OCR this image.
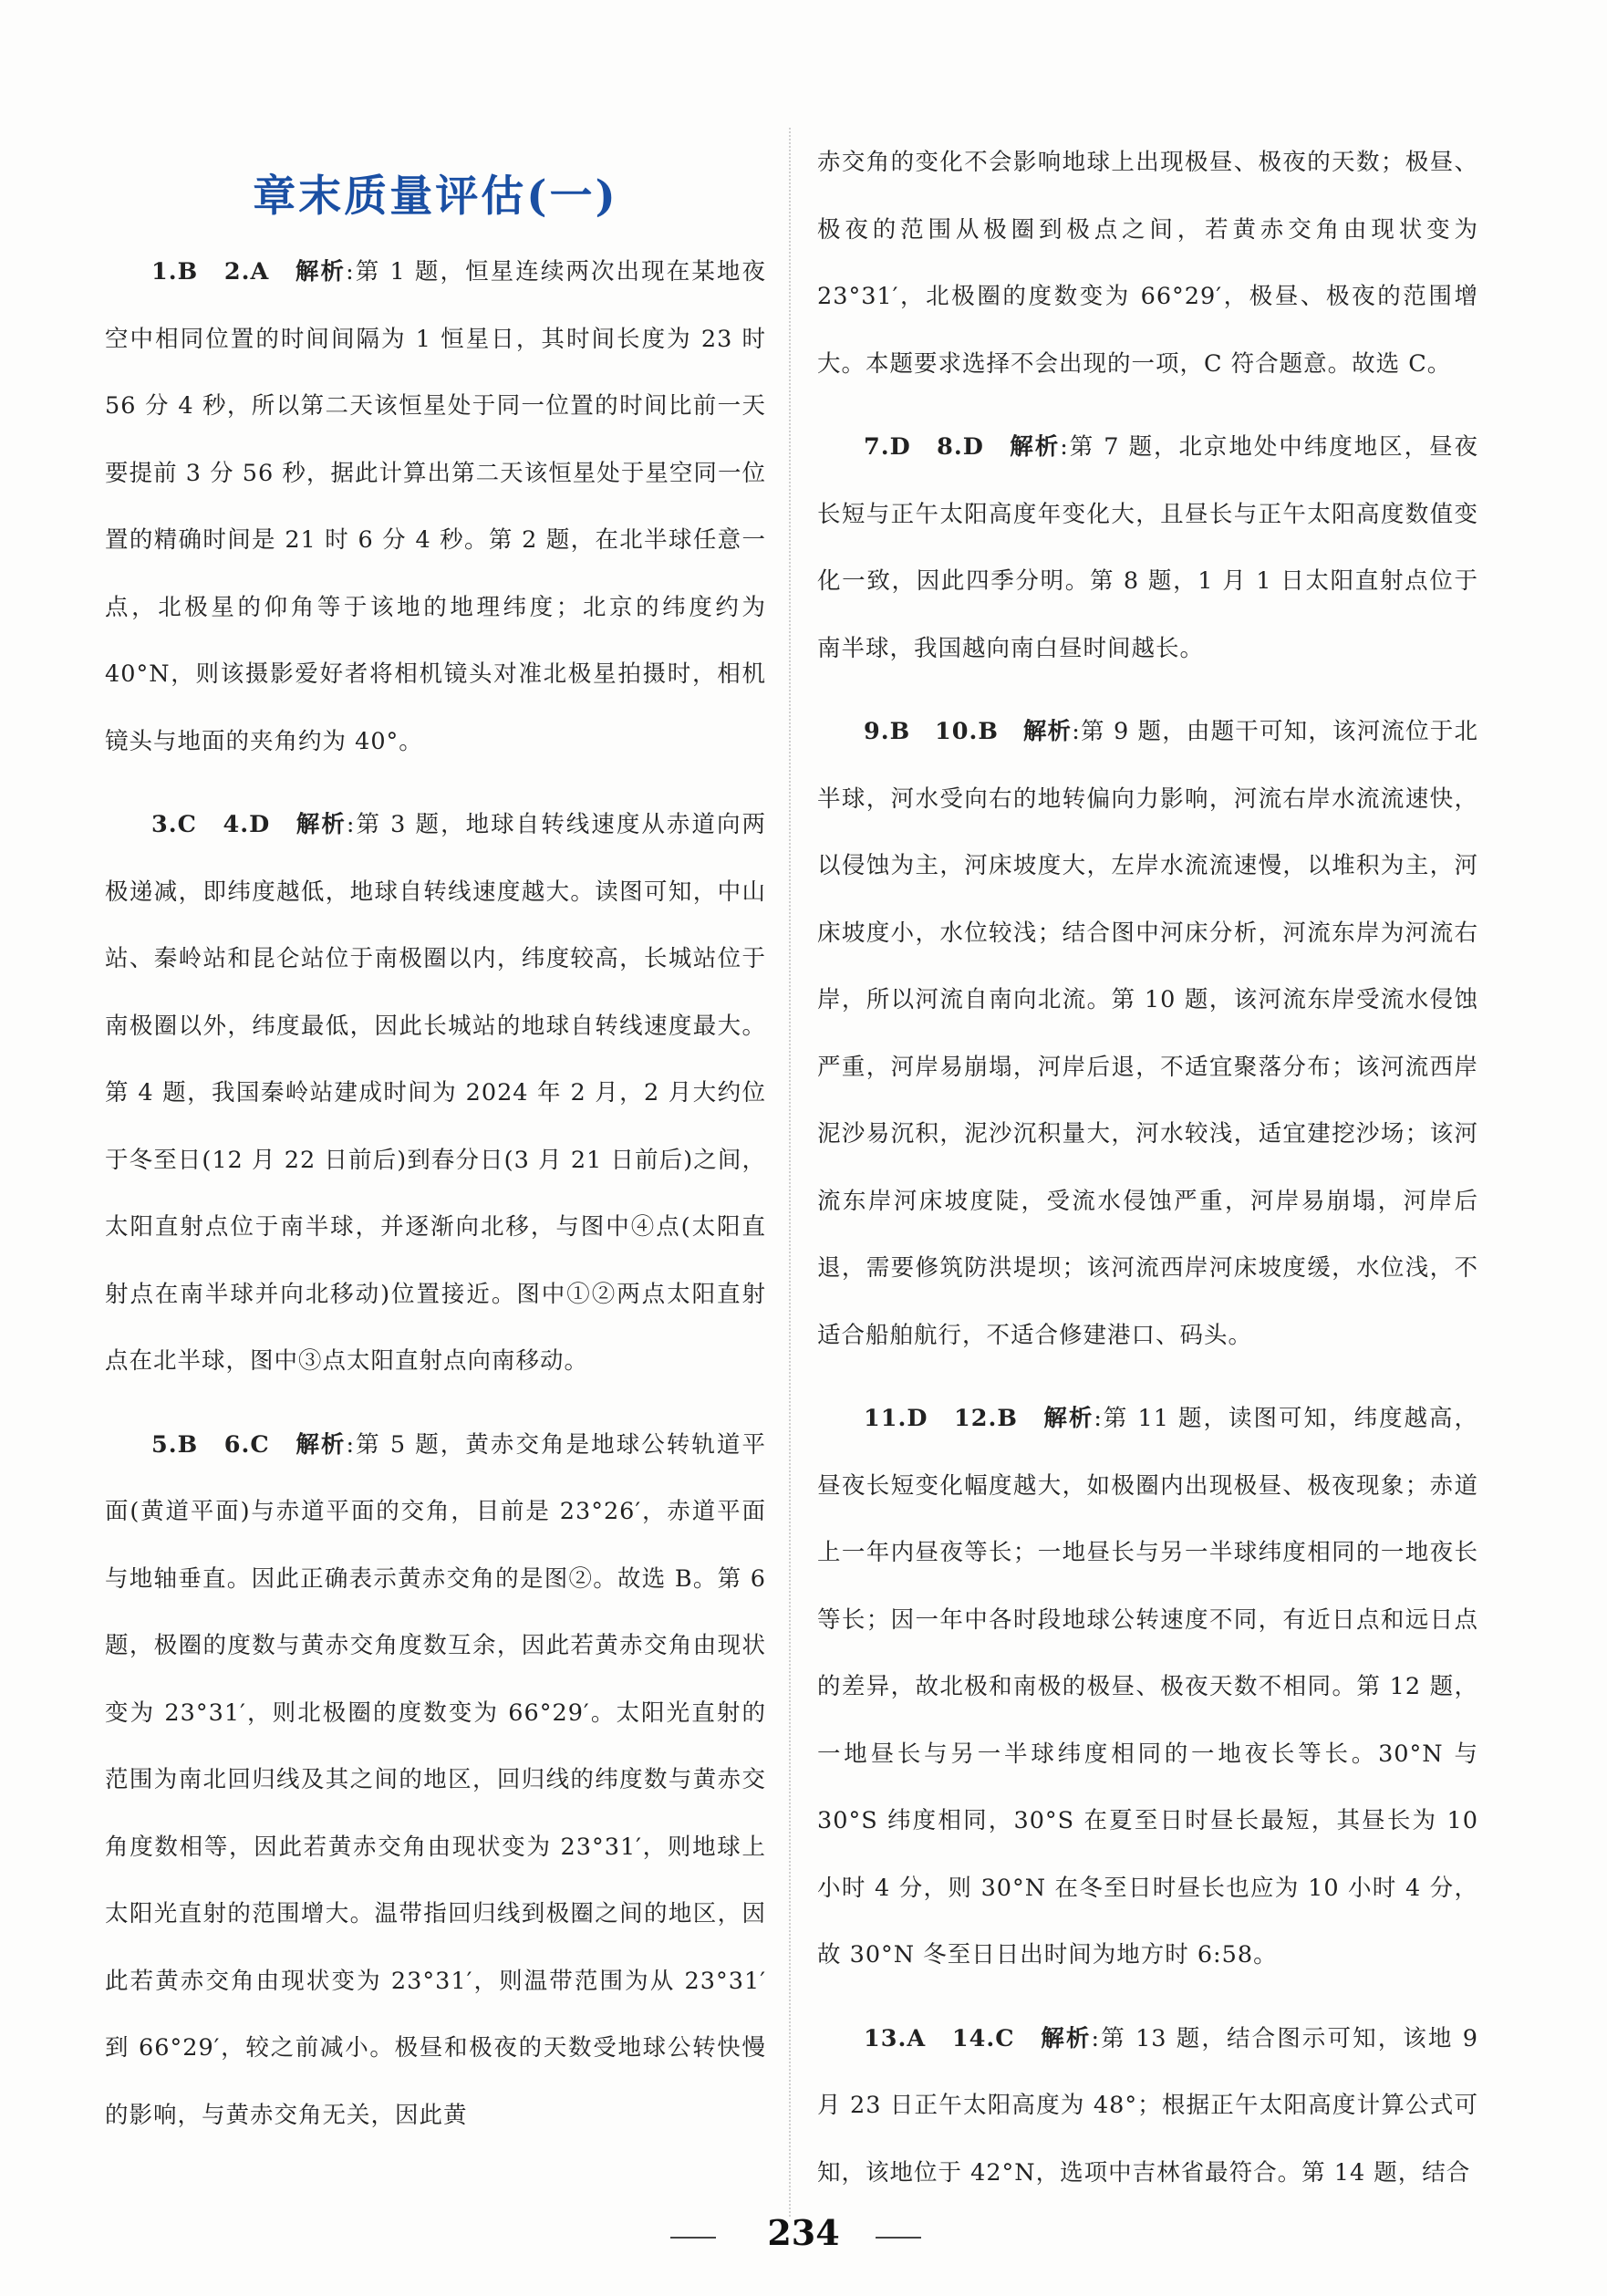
章末质量评估(一)

1.B　2.A　解析:第 1 题，恒星连续两次出现在某地夜空中相同位置的时间间隔为 1 恒星日，其时间长度为 23 时 56 分 4 秒，所以第二天该恒星处于同一位置的时间比前一天要提前 3 分 56 秒，据此计算出第二天该恒星处于星空同一位置的精确时间是 21 时 6 分 4 秒。第 2 题，在北半球任意一点，北极星的仰角等于该地的地理纬度；北京的纬度约为 40°N，则该摄影爱好者将相机镜头对准北极星拍摄时，相机镜头与地面的夹角约为 40°。

3.C　4.D　解析:第 3 题，地球自转线速度从赤道向两极递减，即纬度越低，地球自转线速度越大。读图可知，中山站、秦岭站和昆仑站位于南极圈以内，纬度较高，长城站位于南极圈以外，纬度最低，因此长城站的地球自转线速度最大。第 4 题，我国秦岭站建成时间为 2024 年 2 月，2 月大约位于冬至日(12 月 22 日前后)到春分日(3 月 21 日前后)之间，太阳直射点位于南半球，并逐渐向北移，与图中④点(太阳直射点在南半球并向北移动)位置接近。图中①②两点太阳直射点在北半球，图中③点太阳直射点向南移动。

5.B　6.C　解析:第 5 题，黄赤交角是地球公转轨道平面(黄道平面)与赤道平面的交角，目前是 23°26′，赤道平面与地轴垂直。因此正确表示黄赤交角的是图②。故选 B。第 6 题，极圈的度数与黄赤交角度数互余，因此若黄赤交角由现状变为 23°31′，则北极圈的度数变为 66°29′。太阳光直射的范围为南北回归线及其之间的地区，回归线的纬度数与黄赤交角度数相等，因此若黄赤交角由现状变为 23°31′，则地球上太阳光直射的范围增大。温带指回归线到极圈之间的地区，因此若黄赤交角由现状变为 23°31′，则温带范围为从 23°31′到 66°29′，较之前减小。极昼和极夜的天数受地球公转快慢的影响，与黄赤交角无关，因此黄

赤交角的变化不会影响地球上出现极昼、极夜的天数；极昼、极夜的范围从极圈到极点之间，若黄赤交角由现状变为 23°31′，北极圈的度数变为 66°29′，极昼、极夜的范围增大。本题要求选择不会出现的一项，C 符合题意。故选 C。

7.D　8.D　解析:第 7 题，北京地处中纬度地区，昼夜长短与正午太阳高度年变化大，且昼长与正午太阳高度数值变化一致，因此四季分明。第 8 题，1 月 1 日太阳直射点位于南半球，我国越向南白昼时间越长。

9.B　10.B　解析:第 9 题，由题干可知，该河流位于北半球，河水受向右的地转偏向力影响，河流右岸水流流速快，以侵蚀为主，河床坡度大，左岸水流流速慢，以堆积为主，河床坡度小，水位较浅；结合图中河床分析，河流东岸为河流右岸，所以河流自南向北流。第 10 题，该河流东岸受流水侵蚀严重，河岸易崩塌，河岸后退，不适宜聚落分布；该河流西岸泥沙易沉积，泥沙沉积量大，河水较浅，适宜建挖沙场；该河流东岸河床坡度陡，受流水侵蚀严重，河岸易崩塌，河岸后退，需要修筑防洪堤坝；该河流西岸河床坡度缓，水位浅，不适合船舶航行，不适合修建港口、码头。

11.D　12.B　解析:第 11 题，读图可知，纬度越高，昼夜长短变化幅度越大，如极圈内出现极昼、极夜现象；赤道上一年内昼夜等长；一地昼长与另一半球纬度相同的一地夜长等长；因一年中各时段地球公转速度不同，有近日点和远日点的差异，故北极和南极的极昼、极夜天数不相同。第 12 题，一地昼长与另一半球纬度相同的一地夜长等长。30°N 与 30°S 纬度相同，30°S 在夏至日时昼长最短，其昼长为 10 小时 4 分，则 30°N 在冬至日时昼长也应为 10 小时 4 分，故 30°N 冬至日日出时间为地方时 6:58。

13.A　14.C　解析:第 13 题，结合图示可知，该地 9 月 23 日正午太阳高度为 48°；根据正午太阳高度计算公式可知，该地位于 42°N，选项中吉林省最符合。第 14 题，结合

234
